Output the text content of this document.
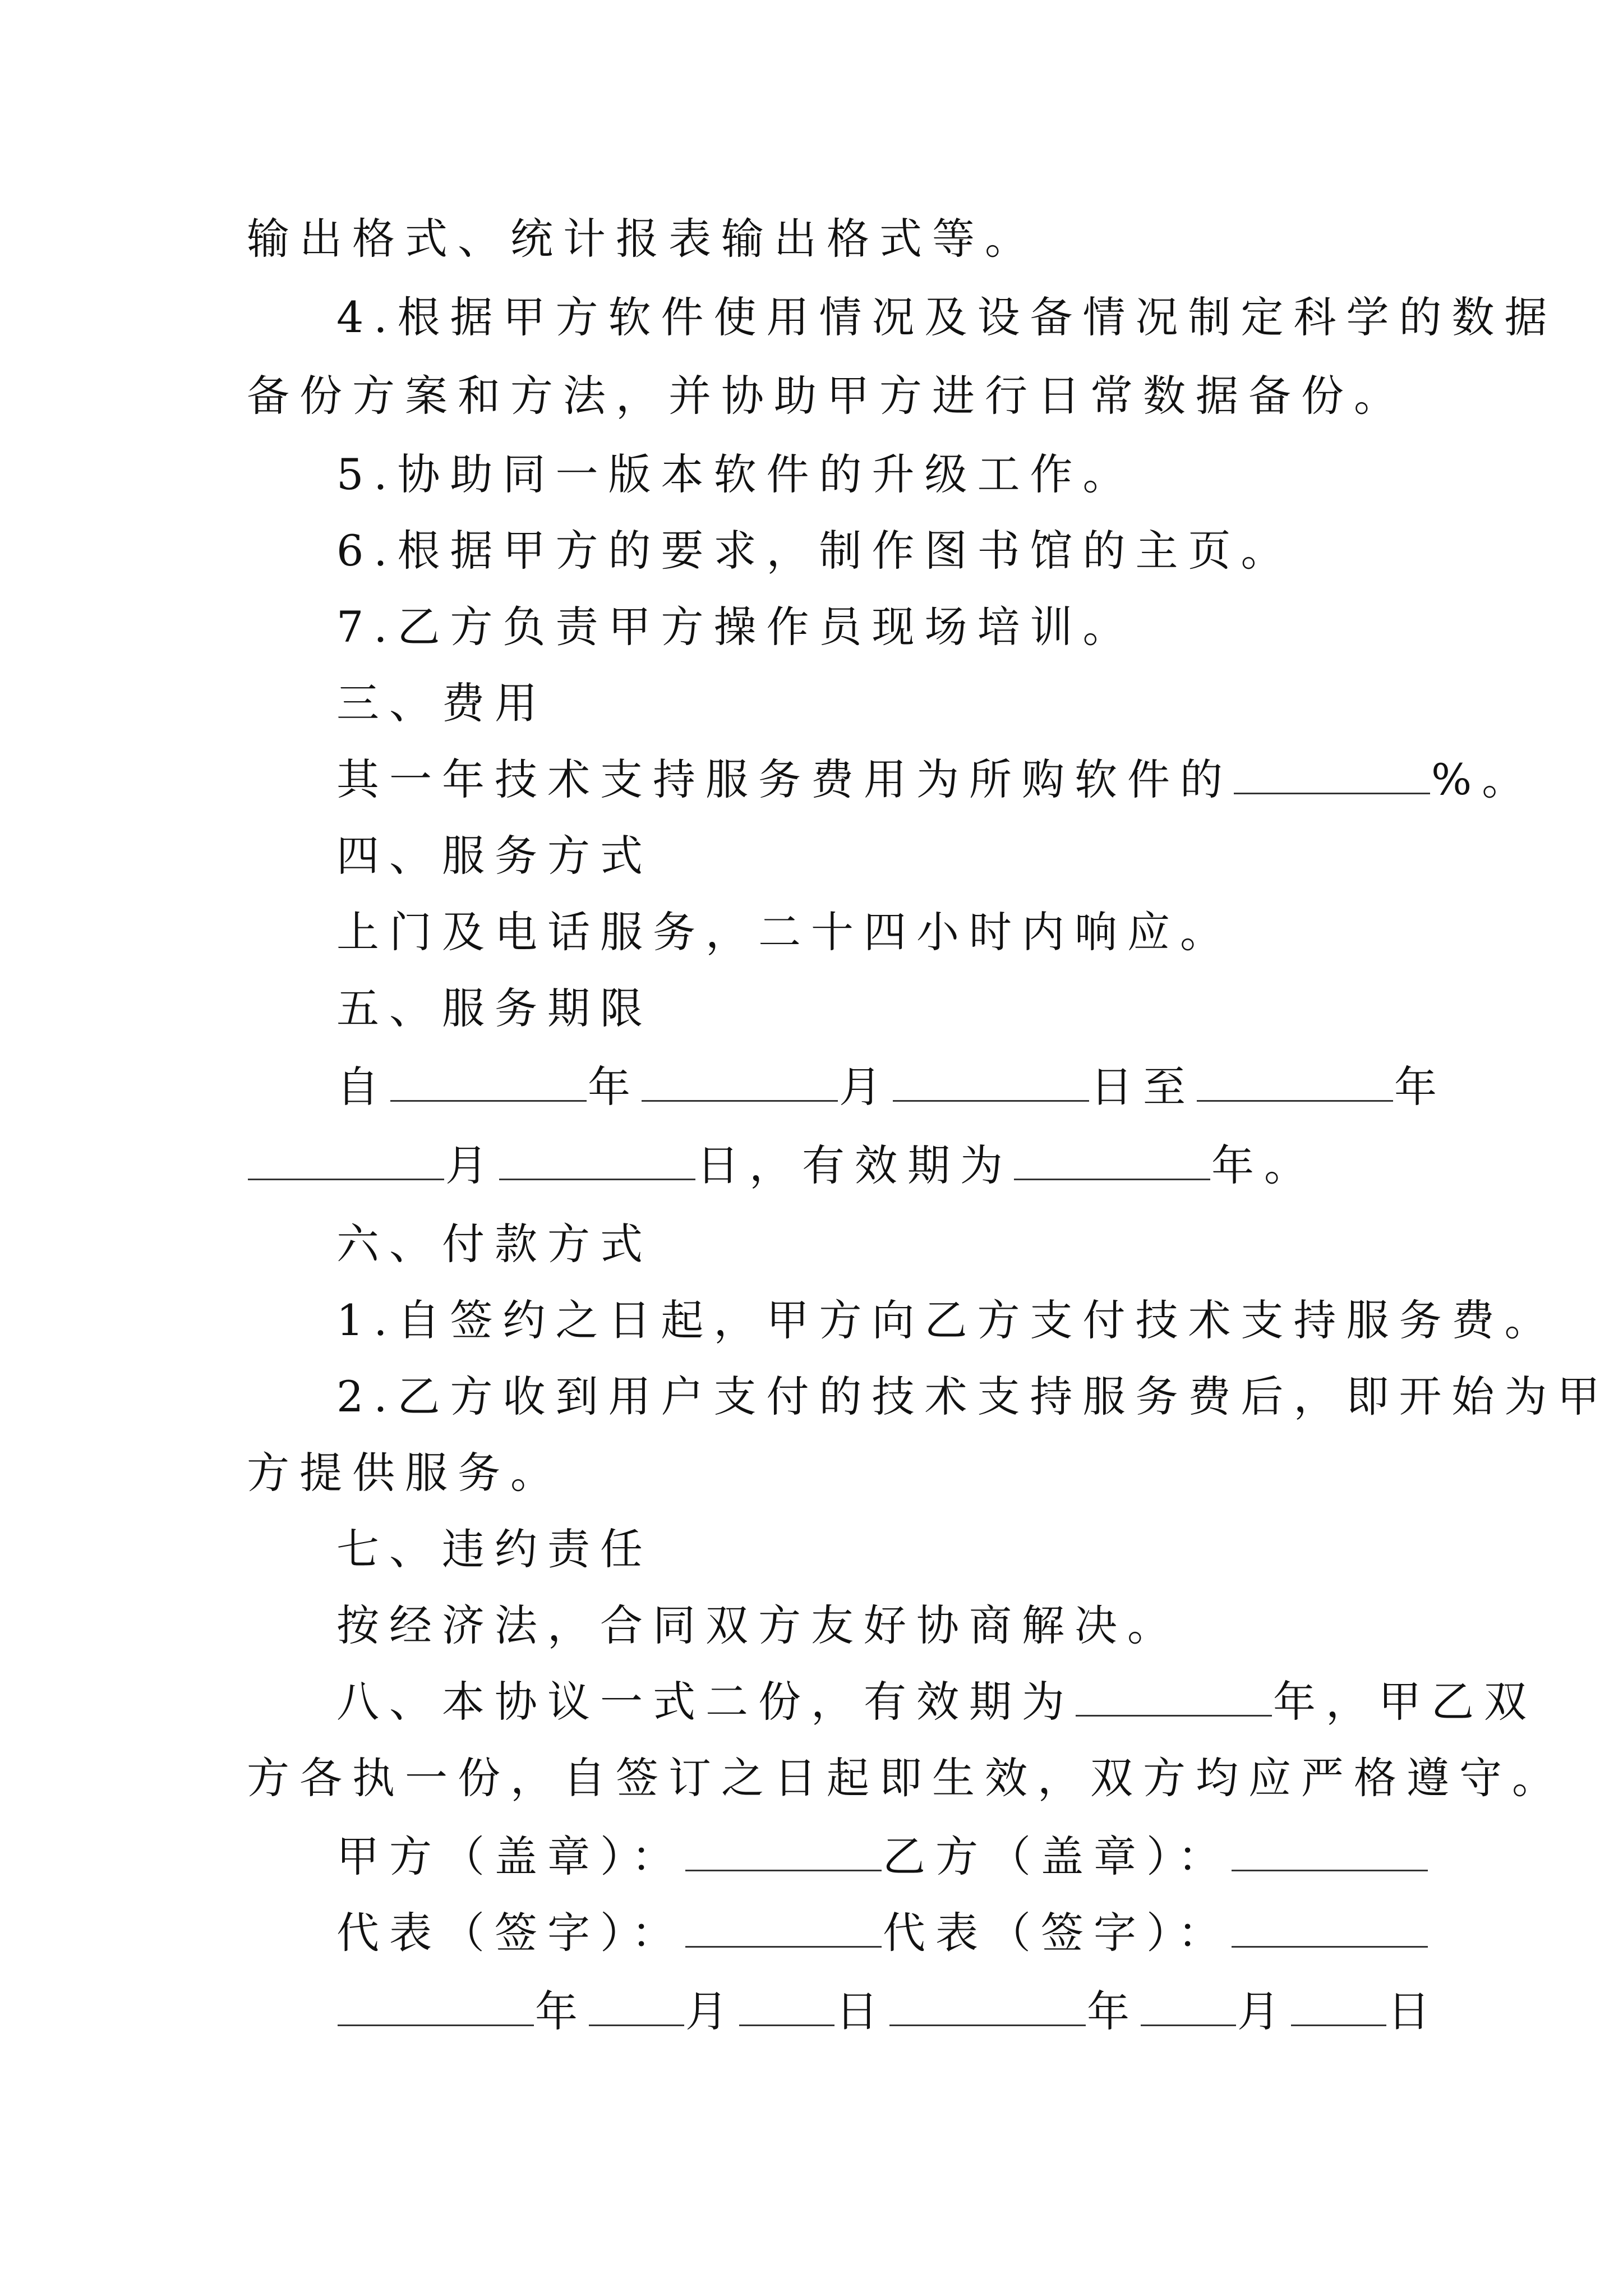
输出格式、统计报表输出格式等。
4.根据甲方软件使用情况及设备情况制定科学的数据
备份方案和方法，并协助甲方进行日常数据备份。
5.协助同一版本软件的升级工作。
6.根据甲方的要求，制作图书馆的主页。
7.乙方负责甲方操作员现场培训。
三、费用
其一年技术支持服务费用为所购软件的	%。
四、服务方式
上门及电话服务，二十四小时内响应。
五、服务期限
自	年	月	日至	年
月	日，有效期为	年。
六、付款方式
1.自签约之日起，甲方向乙方支付技术支持服务费。
2.乙方收到用户支付的技术支持服务费后，即开始为甲
方提供服务。
七、违约责任
按经济法，合同双方友好协商解决。
八、本协议一式二份，有效期为	年，甲乙双
方各执一份，自签订之日起即生效，双方均应严格遵守。
甲方（盖章）：	乙方（盖章）：
代表（签字）：	代表（签字）：
年 月 日	年 月 日
